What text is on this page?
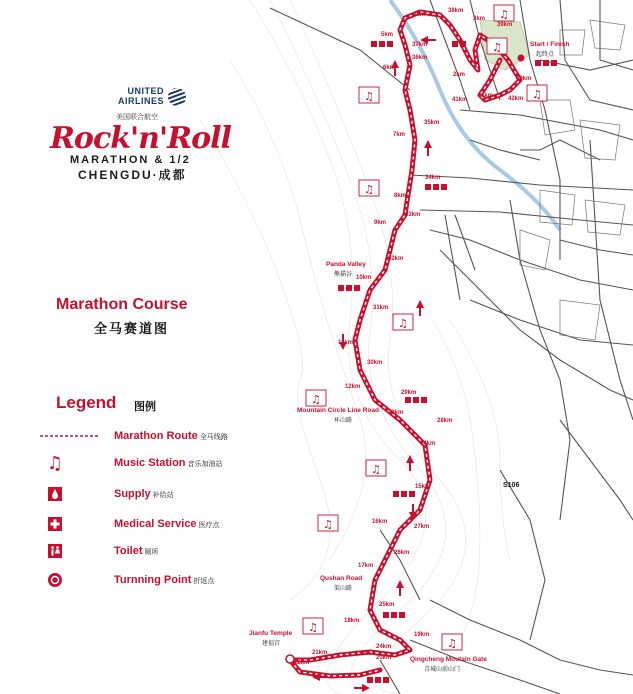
♫
♫
♫
♫
♫
♫
♫
♫
♫
♫
♫
UNITED
AIRLINES
美国联合航空
Rock'n'Roll
MARATHON & 1/2
CHENGDU·成都
Marathon Course
全马赛道图
Legend 图例
Marathon Route 全马线路
♫	Music Station 音乐加油站
Supply 补给站
Medical Service 医疗点
Toilet 厕所
Turnning Point 折返点
Start / Finish
起终点
Panda Valley
熊猫谷
Mountain Circle Line Road
环山路
Qushan Road
渠山路
Jianfu Temple
建福宫
Qingcheng Moutain Gate
青城山前山门
S106
1km
2km
3km
4km
5km
6km
7km
8km
9km
10km
11km
12km
13km
14km
15km
16km
17km
18km
19km
20km
21km
22km
23km
24km
25km
26km
27km
28km
29km
30km
31km
32km
33km
34km
35km
36km
37km
38km
39km
40km
41km	42km
